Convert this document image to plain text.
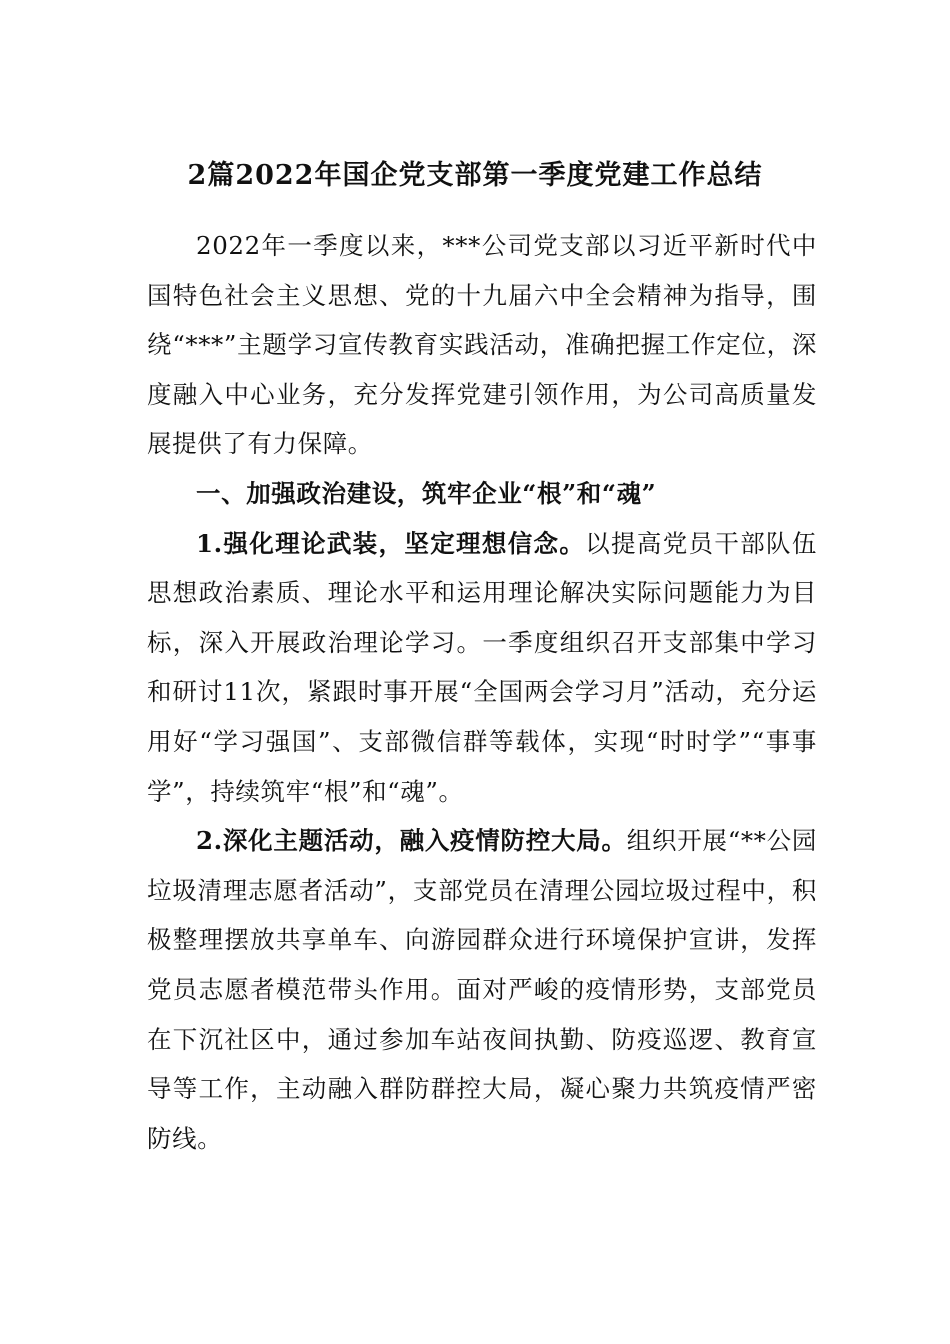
2篇2022年国企党支部第一季度党建工作总结

2022年一季度以来，***公司党支部以习近平新时代中国特色社会主义思想、党的十九届六中全会精神为指导，围绕“***”主题学习宣传教育实践活动，准确把握工作定位，深度融入中心业务，充分发挥党建引领作用，为公司高质量发展提供了有力保障。

一、加强政治建设，筑牢企业“根”和“魂”

1.强化理论武装，坚定理想信念。以提高党员干部队伍思想政治素质、理论水平和运用理论解决实际问题能力为目标，深入开展政治理论学习。一季度组织召开支部集中学习和研讨11次，紧跟时事开展“全国两会学习月”活动，充分运用好“学习强国”、支部微信群等载体，实现“时时学”“事事学”，持续筑牢“根”和“魂”。

2.深化主题活动，融入疫情防控大局。组织开展“**公园垃圾清理志愿者活动”，支部党员在清理公园垃圾过程中，积极整理摆放共享单车、向游园群众进行环境保护宣讲，发挥党员志愿者模范带头作用。面对严峻的疫情形势，支部党员在下沉社区中，通过参加车站夜间执勤、防疫巡逻、教育宣导等工作，主动融入群防群控大局，凝心聚力共筑疫情严密防线。
